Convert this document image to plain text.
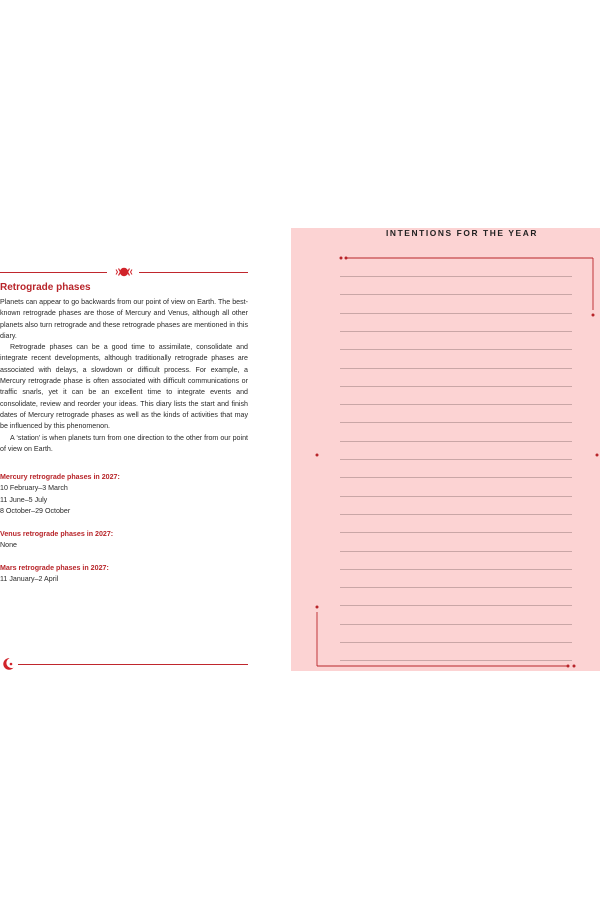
Retrograde phases

Planets can appear to go backwards from our point of view on Earth. The best-known retrograde phases are those of Mercury and Venus, although all other planets also turn retrograde and these retrograde phases are mentioned in this diary.

Retrograde phases can be a good time to assimilate, consolidate and integrate recent developments, although traditionally retrograde phases are associated with delays, a slowdown or difficult process. For example, a Mercury retrograde phase is often associated with difficult communications or traffic snarls, yet it can be an excellent time to integrate events and consolidate, review and reorder your ideas. This diary lists the start and finish dates of Mercury retrograde phases as well as the kinds of activities that may be influenced by this phenomenon.

A ‘station’ is when planets turn from one direction to the other from our point of view on Earth.

Mercury retrograde phases in 2027:
10 February–3 March
11 June–5 July
8 October–29 October
Venus retrograde phases in 2027:
None
Mars retrograde phases in 2027:
11 January–2 April
INTENTIONS FOR THE YEAR
